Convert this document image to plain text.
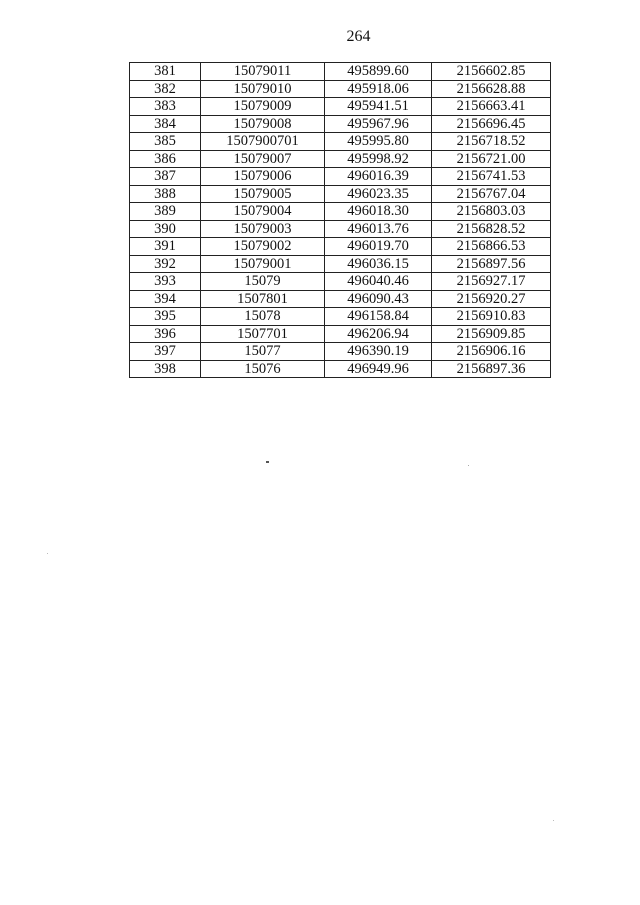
264
381	15079011	495899.60	2156602.85
382	15079010	495918.06	2156628.88
383	15079009	495941.51	2156663.41
384	15079008	495967.96	2156696.45
385	1507900701	495995.80	2156718.52
386	15079007	495998.92	2156721.00
387	15079006	496016.39	2156741.53
388	15079005	496023.35	2156767.04
389	15079004	496018.30	2156803.03
390	15079003	496013.76	2156828.52
391	15079002	496019.70	2156866.53
392	15079001	496036.15	2156897.56
393	15079	496040.46	2156927.17
394	1507801	496090.43	2156920.27
395	15078	496158.84	2156910.83
396	1507701	496206.94	2156909.85
397	15077	496390.19	2156906.16
398	15076	496949.96	2156897.36
